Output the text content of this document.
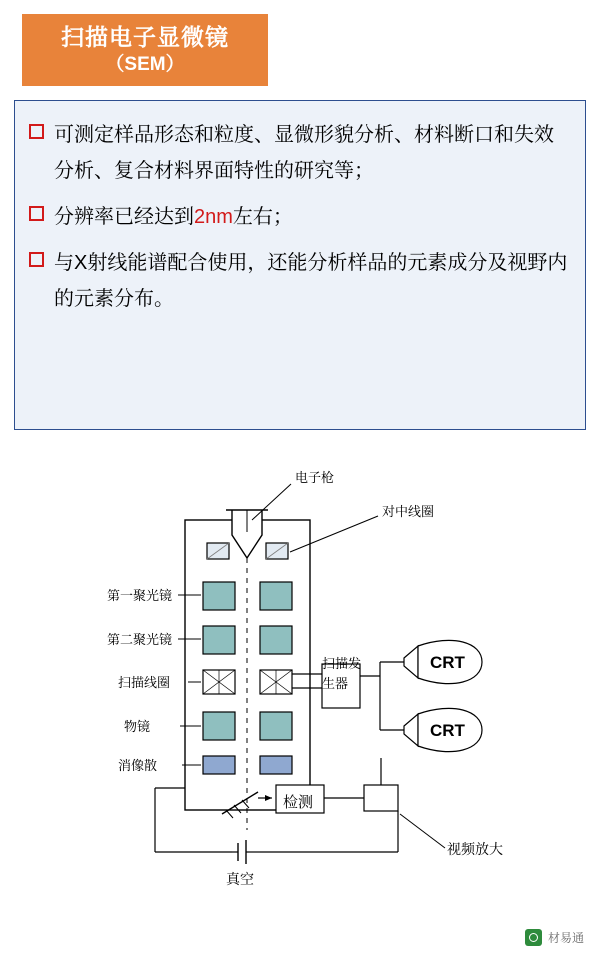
扫描电子显微镜
（SEM）
可测定样品形态和粒度、显微形貌分析、材料断口和失效分析、复合材料界面特性的研究等；
分辨率已经达到2nm左右；
与X射线能谱配合使用，还能分析样品的元素成分及视野内的元素分布。
电子枪
对中线圈
第一聚光镜
第二聚光镜
扫描线圈
物镜
消像散
扫描发
生器
CRT
CRT
检测
真空
视频放大
材易通
